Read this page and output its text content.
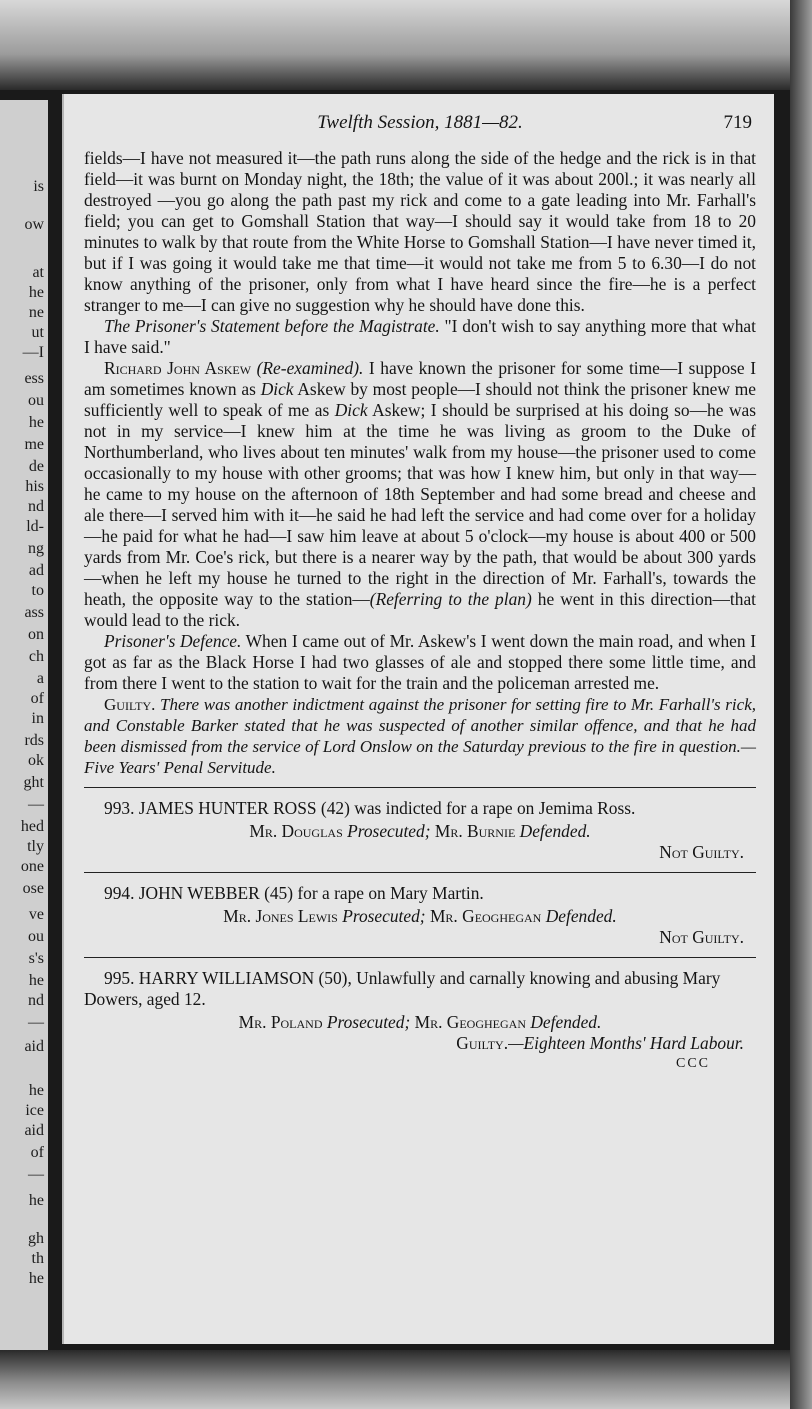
is
ow
at
he
ne
ut
—I
ess
ou
he
me
de
his
nd
ld-
ng
ad
to
ass
on
ch
a
of
in
rds
ok
ght
—
hed
tly
one
ose
ve
ou
s's
he
nd
—
aid
he
ice
aid
of
—
he
gh
th
he
Twelfth Session, 1881—82.	719

fields—I have not measured it—the path runs along the side of the hedge and the rick is in that field—it was burnt on Monday night, the 18th; the value of it was about 200l.; it was nearly all destroyed —you go along the path past my rick and come to a gate leading into Mr. Farhall's field; you can get to Gomshall Station that way—I should say it would take from 18 to 20 minutes to walk by that route from the White Horse to Gomshall Station—I have never timed it, but if I was going it would take me that time—it would not take me from 5 to 6.30—I do not know anything of the prisoner, only from what I have heard since the fire—he is a perfect stranger to me—I can give no suggestion why he should have done this.

The Prisoner's Statement before the Magistrate. "I don't wish to say anything more that what I have said."

Richard John Askew (Re-examined). I have known the prisoner for some time—I suppose I am sometimes known as Dick Askew by most people—I should not think the prisoner knew me sufficiently well to speak of me as Dick Askew; I should be surprised at his doing so—he was not in my service—I knew him at the time he was living as groom to the Duke of Northumberland, who lives about ten minutes' walk from my house—the prisoner used to come occasionally to my house with other grooms; that was how I knew him, but only in that way—he came to my house on the afternoon of 18th September and had some bread and cheese and ale there—I served him with it—he said he had left the service and had come over for a holiday—he paid for what he had—I saw him leave at about 5 o'clock—my house is about 400 or 500 yards from Mr. Coe's rick, but there is a nearer way by the path, that would be about 300 yards—when he left my house he turned to the right in the direction of Mr. Farhall's, towards the heath, the opposite way to the station—(Referring to the plan) he went in this direction—that would lead to the rick.

Prisoner's Defence. When I came out of Mr. Askew's I went down the main road, and when I got as far as the Black Horse I had two glasses of ale and stopped there some little time, and from there I went to the station to wait for the train and the policeman arrested me.

Guilty. There was another indictment against the prisoner for setting fire to Mr. Farhall's rick, and Constable Barker stated that he was suspected of another similar offence, and that he had been dismissed from the service of Lord Onslow on the Saturday previous to the fire in question.—Five Years' Penal Servitude.

993. JAMES HUNTER ROSS (42) was indicted for a rape on Jemima Ross.

Mr. Douglas Prosecuted; Mr. Burnie Defended.
Not Guilty.

994. JOHN WEBBER (45) for a rape on Mary Martin.

Mr. Jones Lewis Prosecuted; Mr. Geoghegan Defended.
Not Guilty.

995. HARRY WILLIAMSON (50), Unlawfully and carnally knowing and abusing Mary Dowers, aged 12.

Mr. Poland Prosecuted; Mr. Geoghegan Defended.
Guilty.—Eighteen Months' Hard Labour.
CCC
